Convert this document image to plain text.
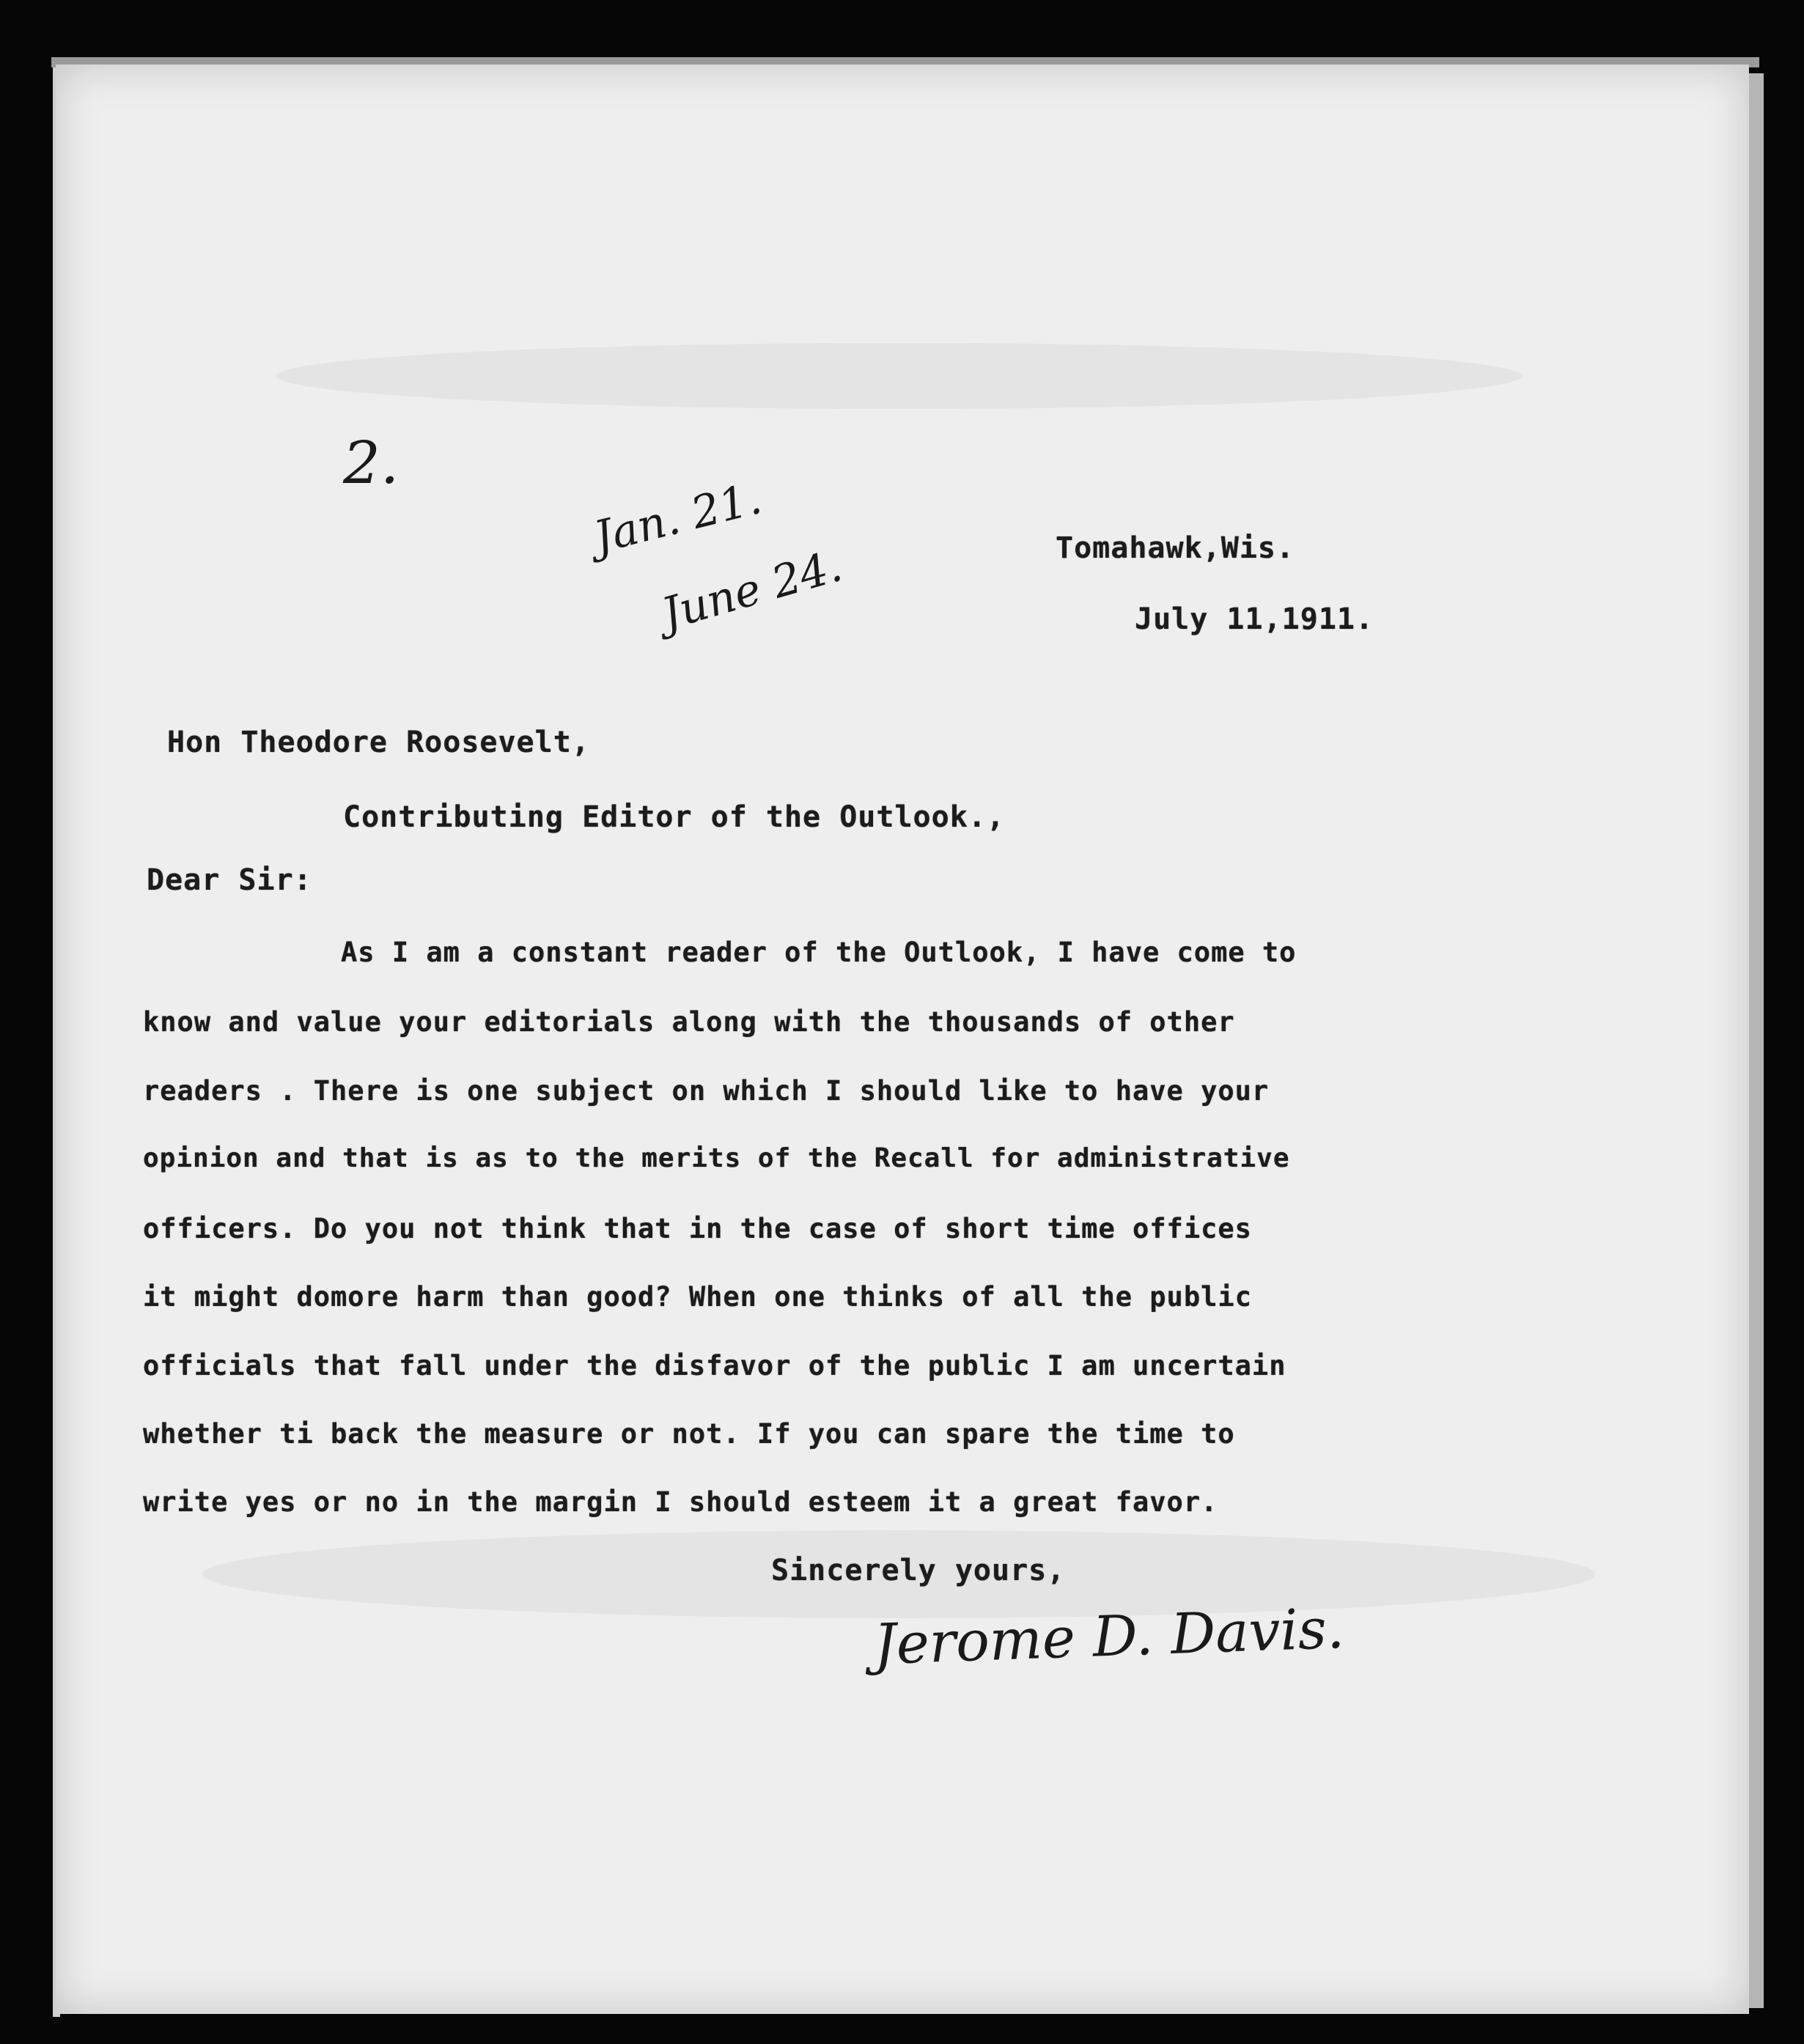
2.
Jan. 21.
June 24.	Tomahawk,Wis.
July 11,1911.
Hon Theodore Roosevelt,
Contributing Editor of the Outlook.,
Dear Sir:
As I am a constant reader of the Outlook, I have come to
know and value your editorials along with the thousands of other
readers . There is one subject on which I should like to have your
opinion and that is as to the merits of the Recall for administrative
officers. Do you not think that in the case of short time offices
it might domore harm than good? When one thinks of all the public
officials that fall under the disfavor of the public I am uncertain
whether ti back the measure or not. If you can spare the time to
write yes or no in the margin I should esteem it a great favor.
Sincerely yours,
Jerome D. Davis.
